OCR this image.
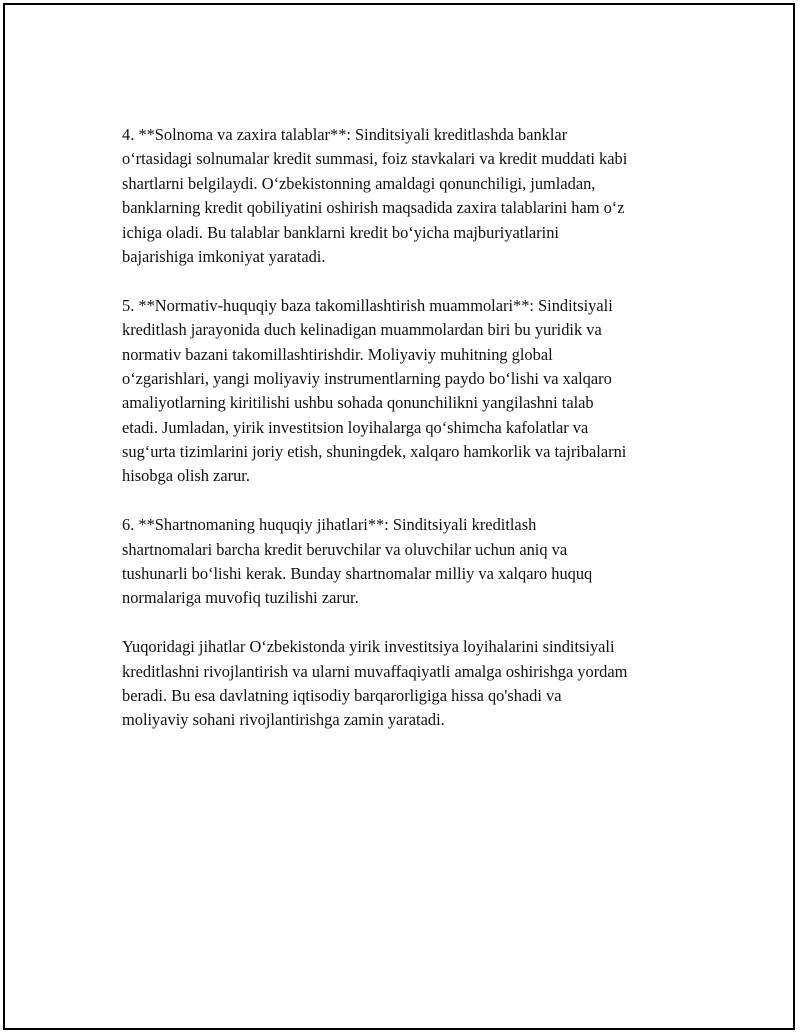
4. **Solnoma va zaxira talablar**: Sinditsiyali kreditlashda banklar
o‘rtasidagi solnumalar kredit summasi, foiz stavkalari va kredit muddati kabi
shartlarni belgilaydi. O‘zbekistonning amaldagi qonunchiligi, jumladan,
banklarning kredit qobiliyatini oshirish maqsadida zaxira talablarini ham o‘z
ichiga oladi. Bu talablar banklarni kredit bo‘yicha majburiyatlarini
bajarishiga imkoniyat yaratadi.

5. **Normativ-huquqiy baza takomillashtirish muammolari**: Sinditsiyali
kreditlash jarayonida duch kelinadigan muammolardan biri bu yuridik va
normativ bazani takomillashtirishdir. Moliyaviy muhitning global
o‘zgarishlari, yangi moliyaviy instrumentlarning paydo bo‘lishi va xalqaro
amaliyotlarning kiritilishi ushbu sohada qonunchilikni yangilashni talab
etadi. Jumladan, yirik investitsion loyihalarga qo‘shimcha kafolatlar va
sug‘urta tizimlarini joriy etish, shuningdek, xalqaro hamkorlik va tajribalarni
hisobga olish zarur.

6. **Shartnomaning huquqiy jihatlari**: Sinditsiyali kreditlash
shartnomalari barcha kredit beruvchilar va oluvchilar uchun aniq va
tushunarli bo‘lishi kerak. Bunday shartnomalar milliy va xalqaro huquq
normalariga muvofiq tuzilishi zarur.

Yuqoridagi jihatlar O‘zbekistonda yirik investitsiya loyihalarini sinditsiyali
kreditlashni rivojlantirish va ularni muvaffaqiyatli amalga oshirishga yordam
beradi. Bu esa davlatning iqtisodiy barqarorligiga hissa qo'shadi va
moliyaviy sohani rivojlantirishga zamin yaratadi.
